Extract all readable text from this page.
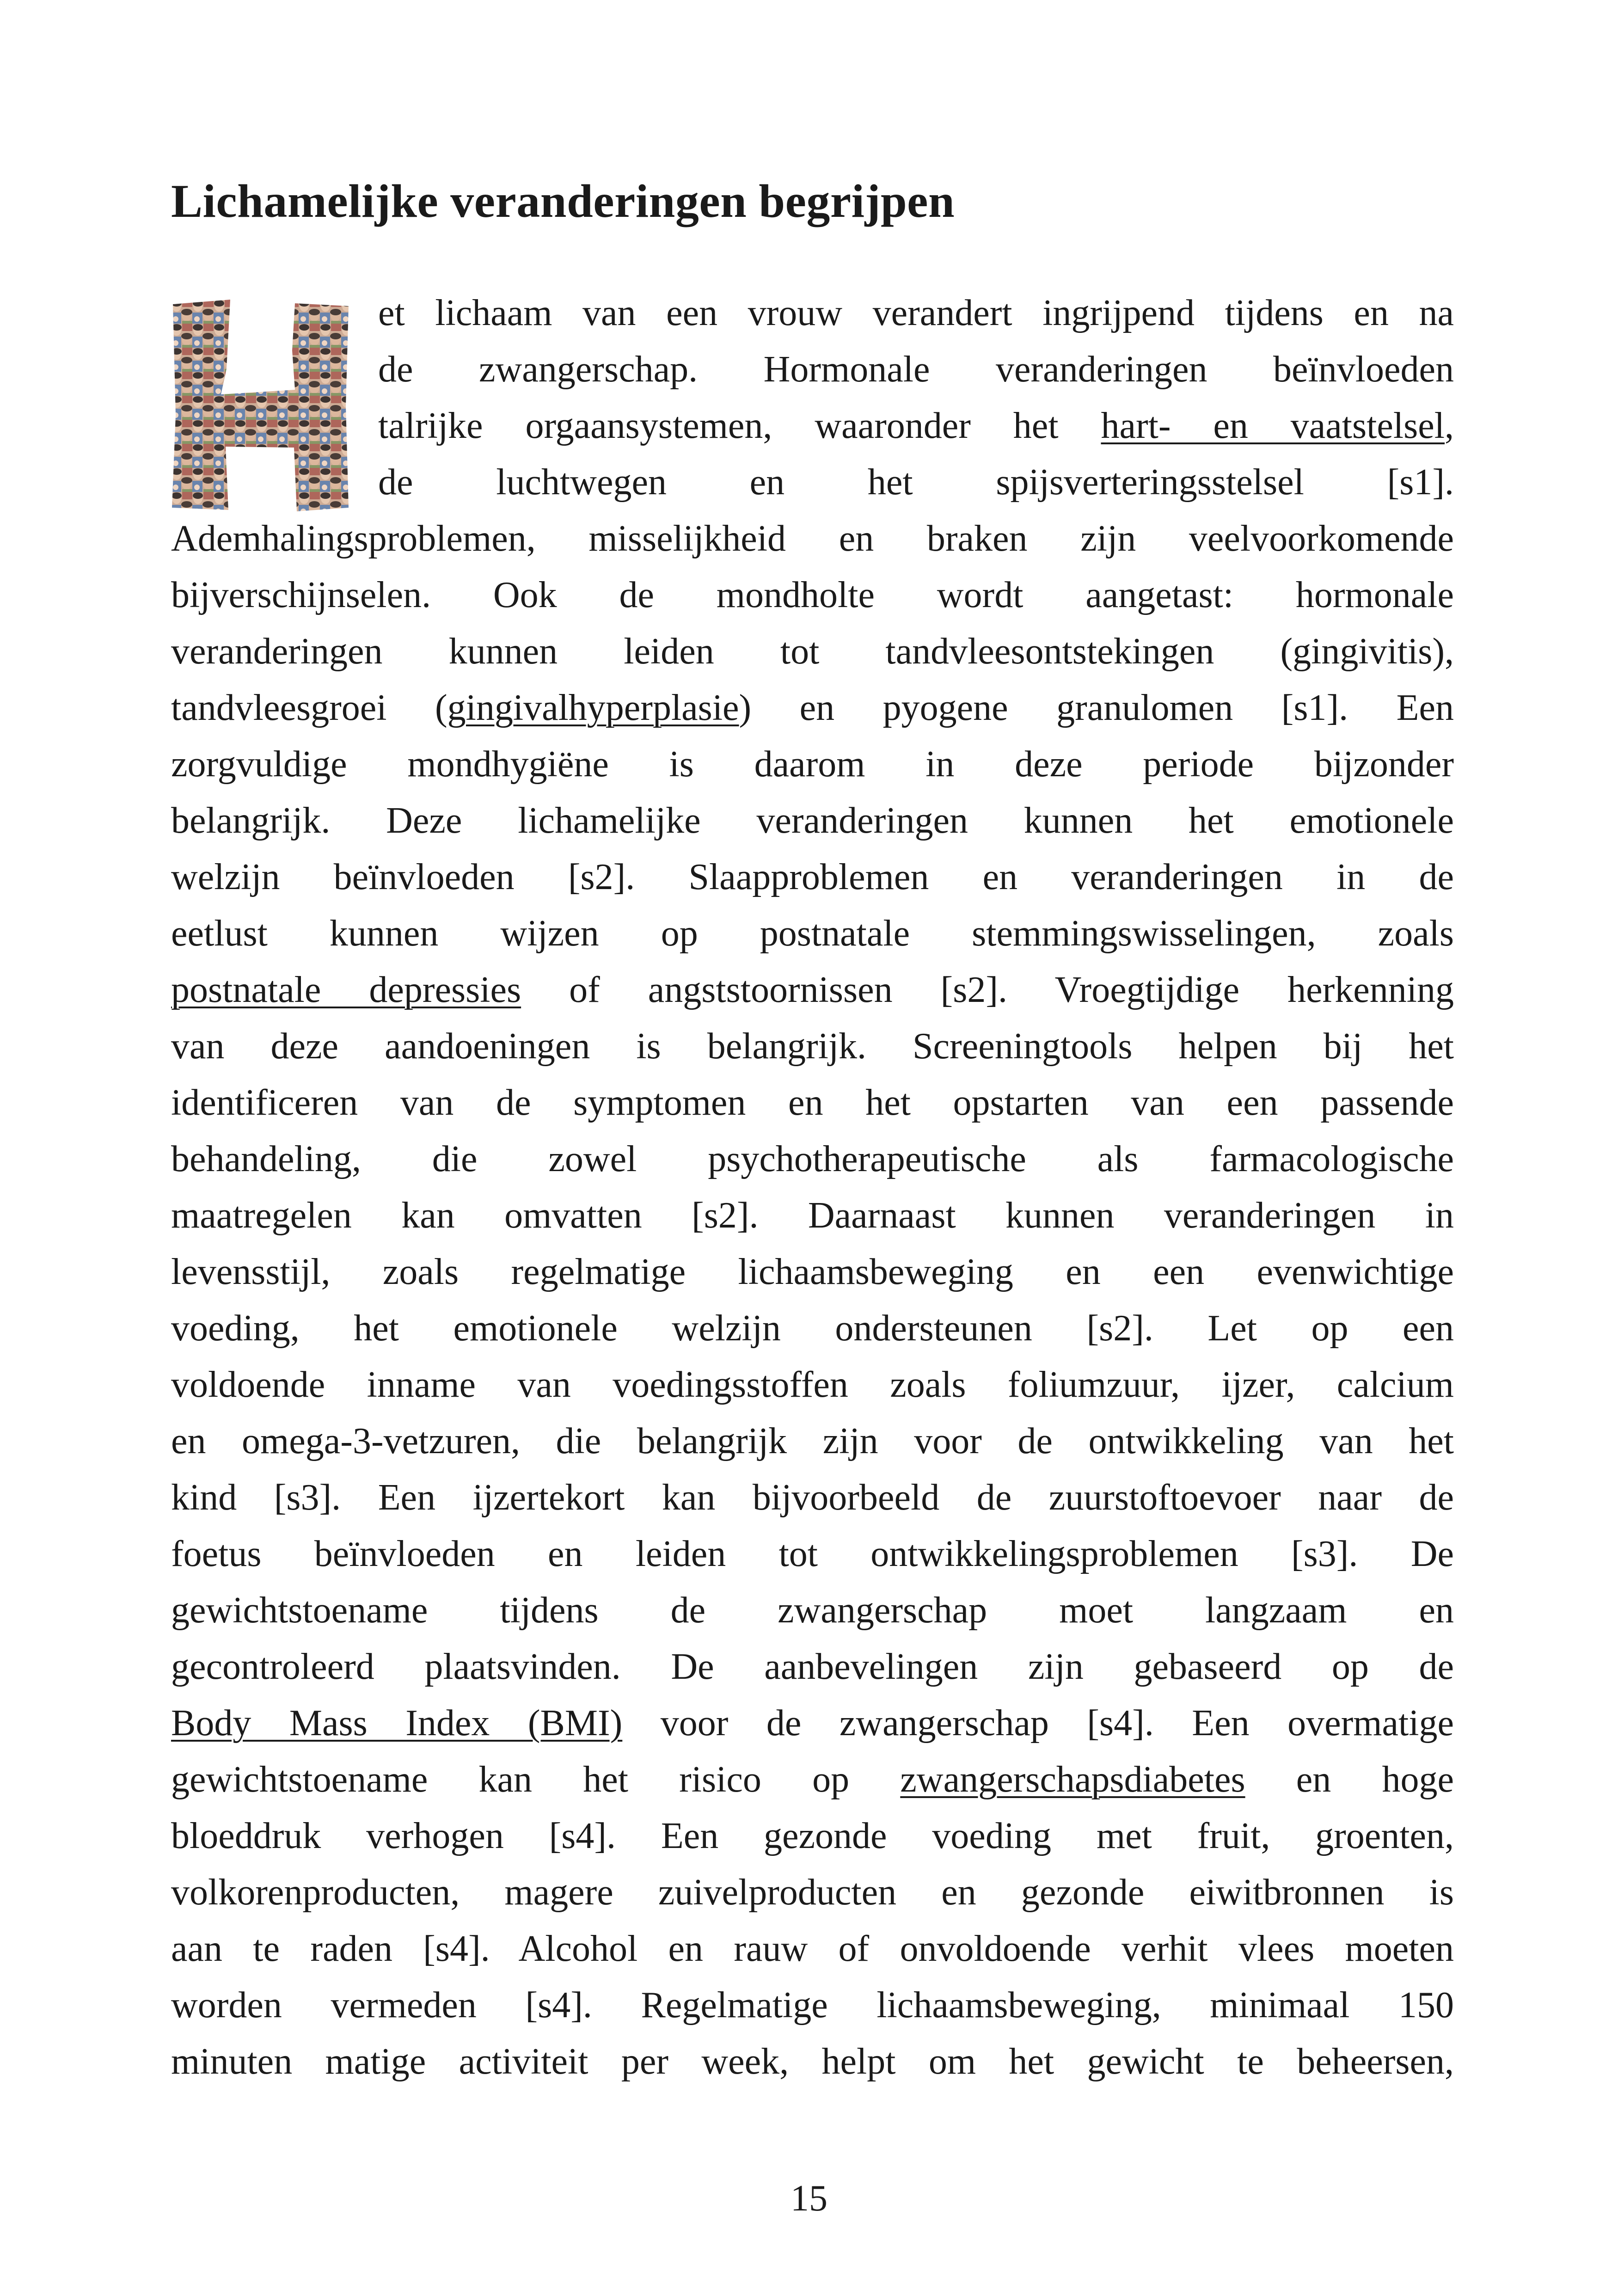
Lichamelijke veranderingen begrijpen
et lichaam van een vrouw verandert ingrijpend tijdens en na
de zwangerschap. Hormonale veranderingen beïnvloeden
talrijke orgaansystemen, waaronder het hart- en vaatstelsel,
de luchtwegen en het spijsverteringsstelsel [s1].
Ademhalingsproblemen, misselijkheid en braken zijn veelvoorkomende
bijverschijnselen. Ook de mondholte wordt aangetast: hormonale
veranderingen kunnen leiden tot tandvleesontstekingen (gingivitis),
tandvleesgroei (gingivalhyperplasie) en pyogene granulomen [s1]. Een
zorgvuldige mondhygiëne is daarom in deze periode bijzonder
belangrijk. Deze lichamelijke veranderingen kunnen het emotionele
welzijn beïnvloeden [s2]. Slaapproblemen en veranderingen in de
eetlust kunnen wijzen op postnatale stemmingswisselingen, zoals
postnatale depressies of angststoornissen [s2]. Vroegtijdige herkenning
van deze aandoeningen is belangrijk. Screeningtools helpen bij het
identificeren van de symptomen en het opstarten van een passende
behandeling, die zowel psychotherapeutische als farmacologische
maatregelen kan omvatten [s2]. Daarnaast kunnen veranderingen in
levensstijl, zoals regelmatige lichaamsbeweging en een evenwichtige
voeding, het emotionele welzijn ondersteunen [s2]. Let op een
voldoende inname van voedingsstoffen zoals foliumzuur, ijzer, calcium
en omega-3-vetzuren, die belangrijk zijn voor de ontwikkeling van het
kind [s3]. Een ijzertekort kan bijvoorbeeld de zuurstoftoevoer naar de
foetus beïnvloeden en leiden tot ontwikkelingsproblemen [s3]. De
gewichtstoename tijdens de zwangerschap moet langzaam en
gecontroleerd plaatsvinden. De aanbevelingen zijn gebaseerd op de
Body Mass Index (BMI) voor de zwangerschap [s4]. Een overmatige
gewichtstoename kan het risico op zwangerschapsdiabetes en hoge
bloeddruk verhogen [s4]. Een gezonde voeding met fruit, groenten,
volkorenproducten, magere zuivelproducten en gezonde eiwitbronnen is
aan te raden [s4]. Alcohol en rauw of onvoldoende verhit vlees moeten
worden vermeden [s4]. Regelmatige lichaamsbeweging, minimaal 150
minuten matige activiteit per week, helpt om het gewicht te beheersen,
15
